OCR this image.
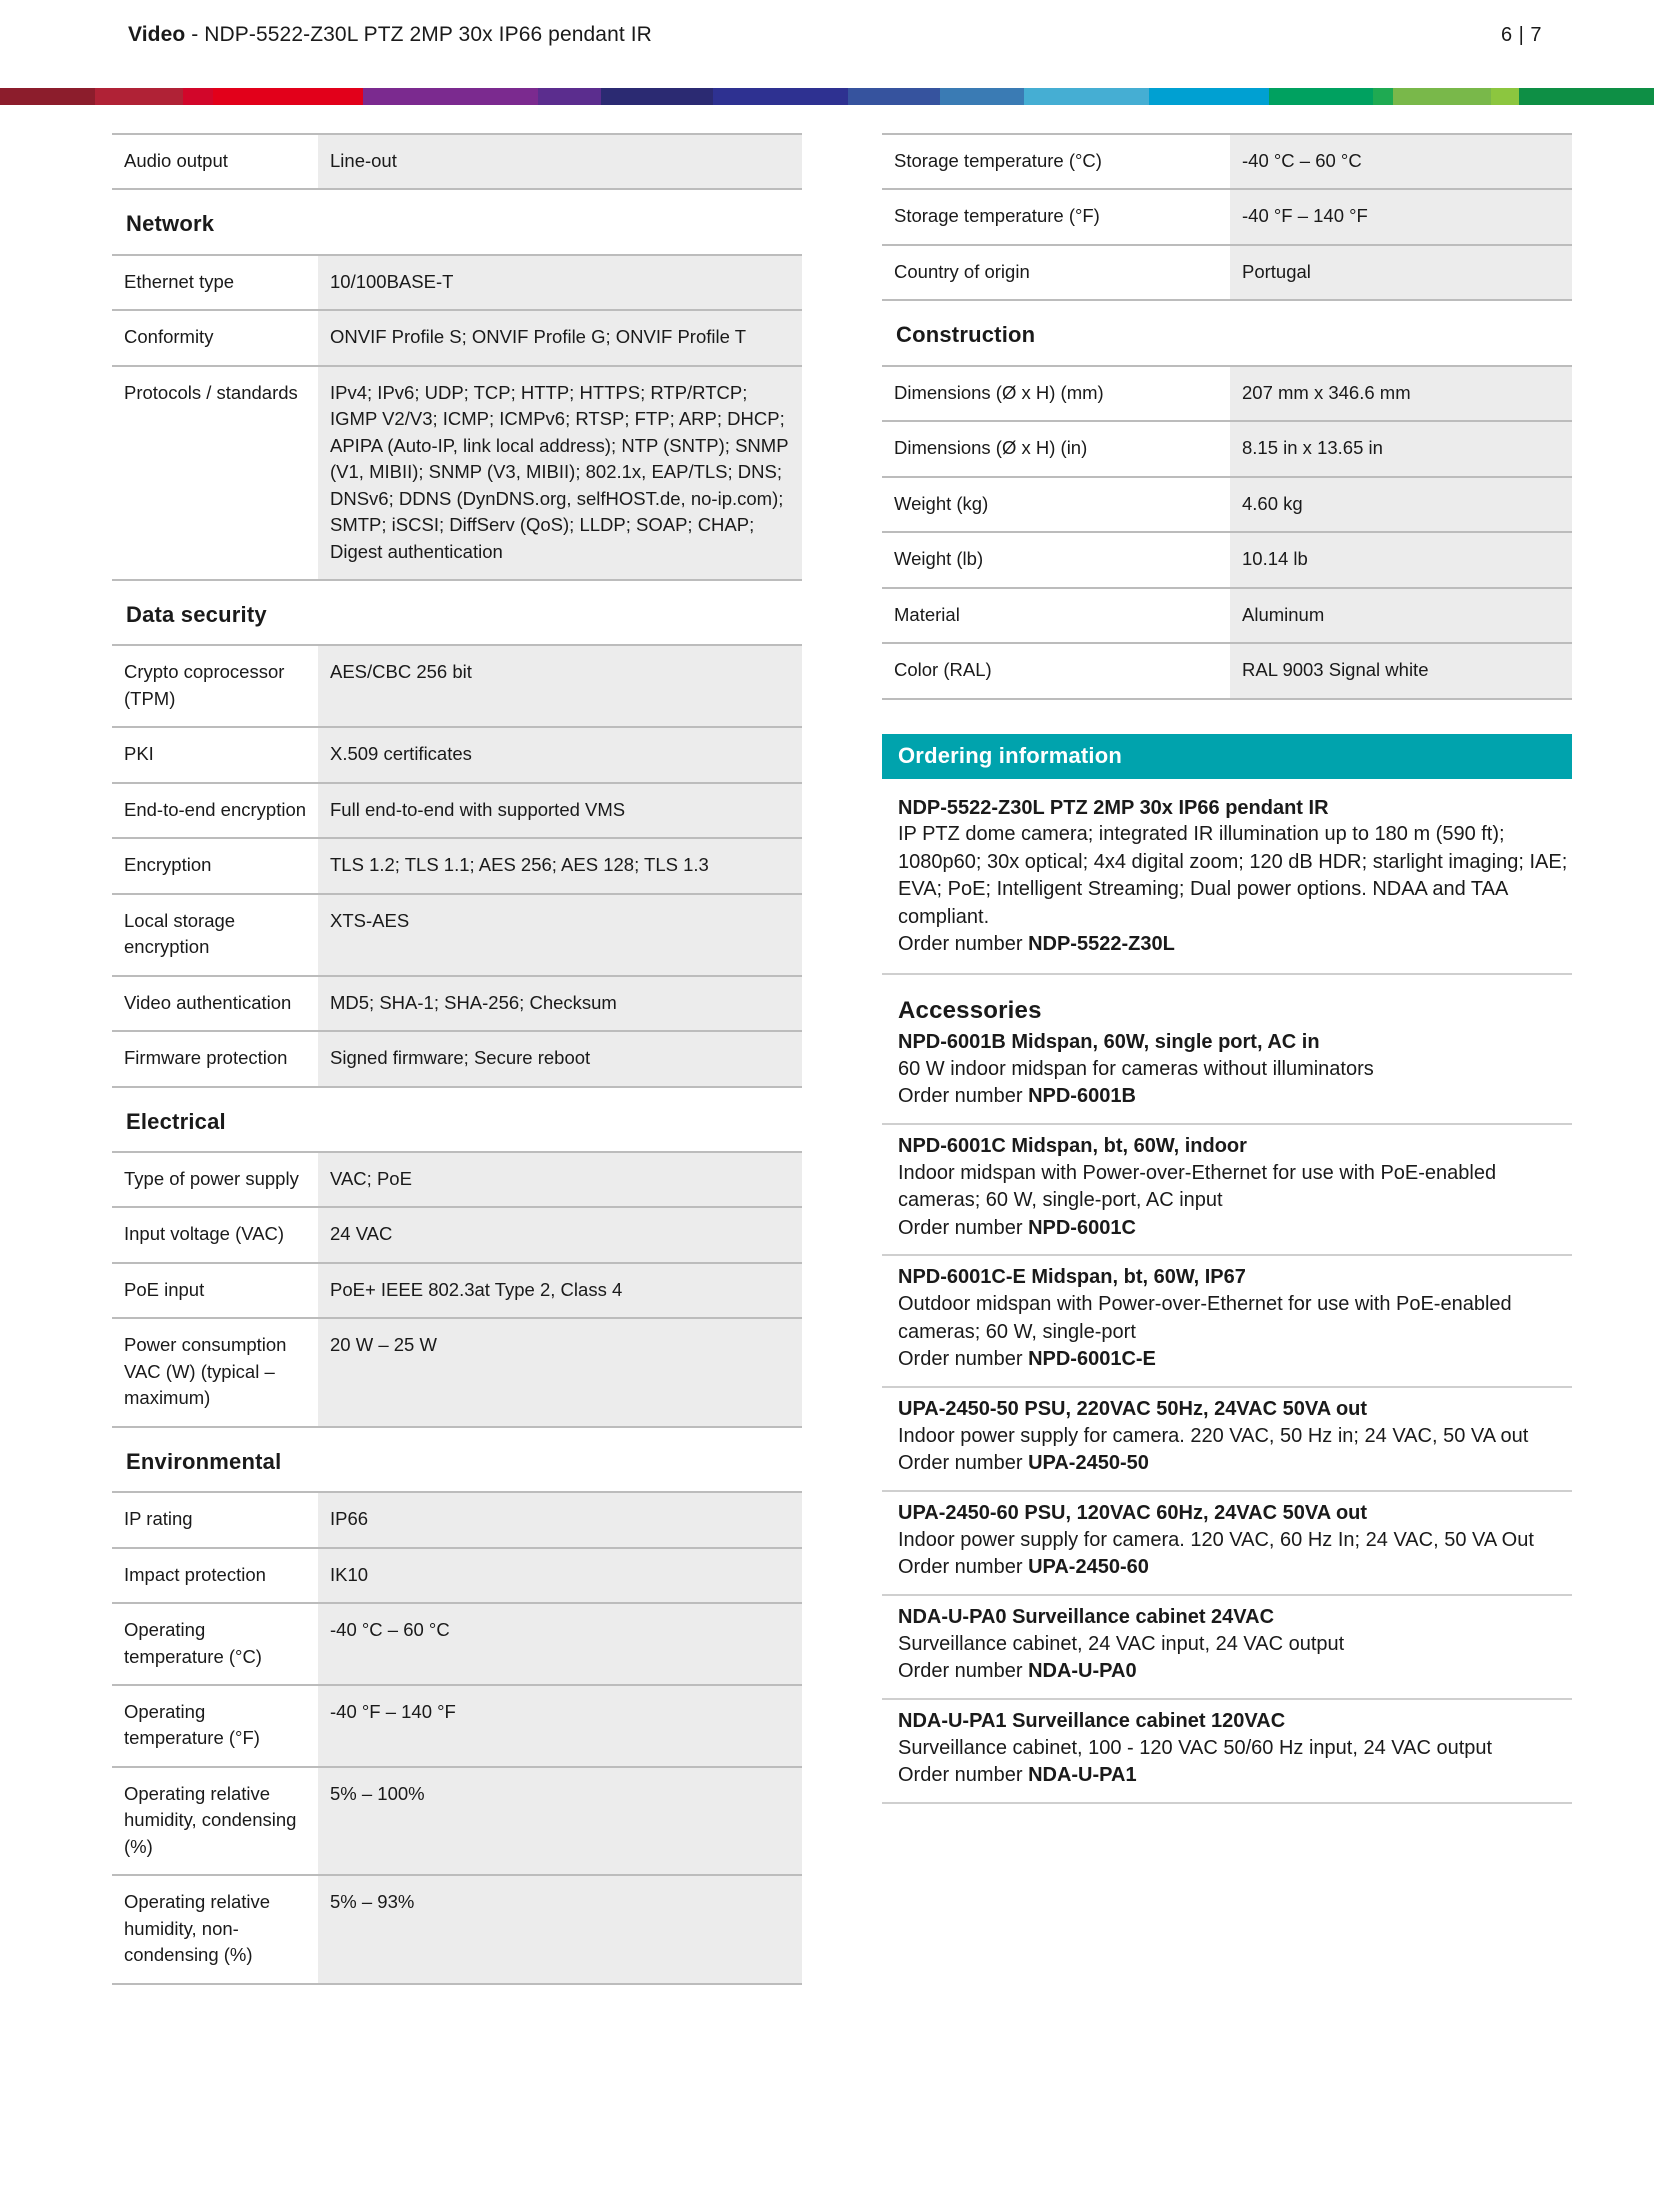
Video - NDP-5522-Z30L PTZ 2MP 30x IP66 pendant IR	6 | 7
Audio output	Line-out
Network	
Ethernet type	10/100BASE-T
Conformity	ONVIF Profile S; ONVIF Profile G; ONVIF Profile T
Protocols / standards	IPv4; IPv6; UDP; TCP; HTTP; HTTPS; RTP/RTCP; IGMP V2/V3; ICMP; ICMPv6; RTSP; FTP; ARP; DHCP; APIPA (Auto-IP, link local address); NTP (SNTP); SNMP (V1, MIBII); SNMP (V3, MIBII); 802.1x, EAP/TLS; DNS; DNSv6; DDNS (DynDNS.org, selfHOST.de, no-ip.com); SMTP; iSCSI; DiffServ (QoS); LLDP; SOAP; CHAP; Digest authentication
Data security	
Crypto coprocessor (TPM)	AES/CBC 256 bit
PKI	X.509 certificates
End-to-end encryption	Full end-to-end with supported VMS
Encryption	TLS 1.2; TLS 1.1; AES 256; AES 128; TLS 1.3
Local storage encryption	XTS-AES
Video authentication	MD5; SHA-1; SHA-256; Checksum
Firmware protection	Signed firmware; Secure reboot
Electrical	
Type of power supply	VAC; PoE
Input voltage (VAC)	24 VAC
PoE input	PoE+ IEEE 802.3at Type 2, Class 4
Power consumption VAC (W) (typical – maximum)	20 W – 25 W
Environmental	
IP rating	IP66
Impact protection	IK10
Operating temperature (°C)	-40 °C – 60 °C
Operating temperature (°F)	-40 °F – 140 °F
Operating relative humidity, condensing (%)	5% – 100%
Operating relative humidity, non-condensing (%)	5% – 93%

Storage temperature (°C)	-40 °C – 60 °C
Storage temperature (°F)	-40 °F – 140 °F
Country of origin	Portugal
Construction	
Dimensions (Ø x H) (mm)	207 mm x 346.6 mm
Dimensions (Ø x H) (in)	8.15 in x 13.65 in
Weight (kg)	4.60 kg
Weight (lb)	10.14 lb
Material	Aluminum
Color (RAL)	RAL 9003 Signal white

Ordering information
NDP-5522-Z30L PTZ 2MP 30x IP66 pendant IR
IP PTZ dome camera; integrated IR illumination up to 180 m (590 ft); 1080p60; 30x optical; 4x4 digital zoom; 120 dB HDR; starlight imaging; IAE; EVA; PoE; Intelligent Streaming; Dual power options. NDAA and TAA compliant.
Order number NDP-5522-Z30L
Accessories
NPD-6001B Midspan, 60W, single port, AC in
60 W indoor midspan for cameras without illuminators
Order number NPD-6001B
NPD-6001C Midspan, bt, 60W, indoor
Indoor midspan with Power-over-Ethernet for use with PoE-enabled cameras; 60 W, single-port, AC input
Order number NPD-6001C
NPD-6001C-E Midspan, bt, 60W, IP67
Outdoor midspan with Power-over-Ethernet for use with PoE-enabled cameras; 60 W, single-port
Order number NPD-6001C-E
UPA-2450-50 PSU, 220VAC 50Hz, 24VAC 50VA out
Indoor power supply for camera. 220 VAC, 50 Hz in; 24 VAC, 50 VA out
Order number UPA-2450-50
UPA-2450-60 PSU, 120VAC 60Hz, 24VAC 50VA out
Indoor power supply for camera. 120 VAC, 60 Hz In; 24 VAC, 50 VA Out
Order number UPA-2450-60
NDA-U-PA0 Surveillance cabinet 24VAC
Surveillance cabinet, 24 VAC input, 24 VAC output
Order number NDA-U-PA0
NDA-U-PA1 Surveillance cabinet 120VAC
Surveillance cabinet, 100 - 120 VAC 50/60 Hz input, 24 VAC output
Order number NDA-U-PA1
